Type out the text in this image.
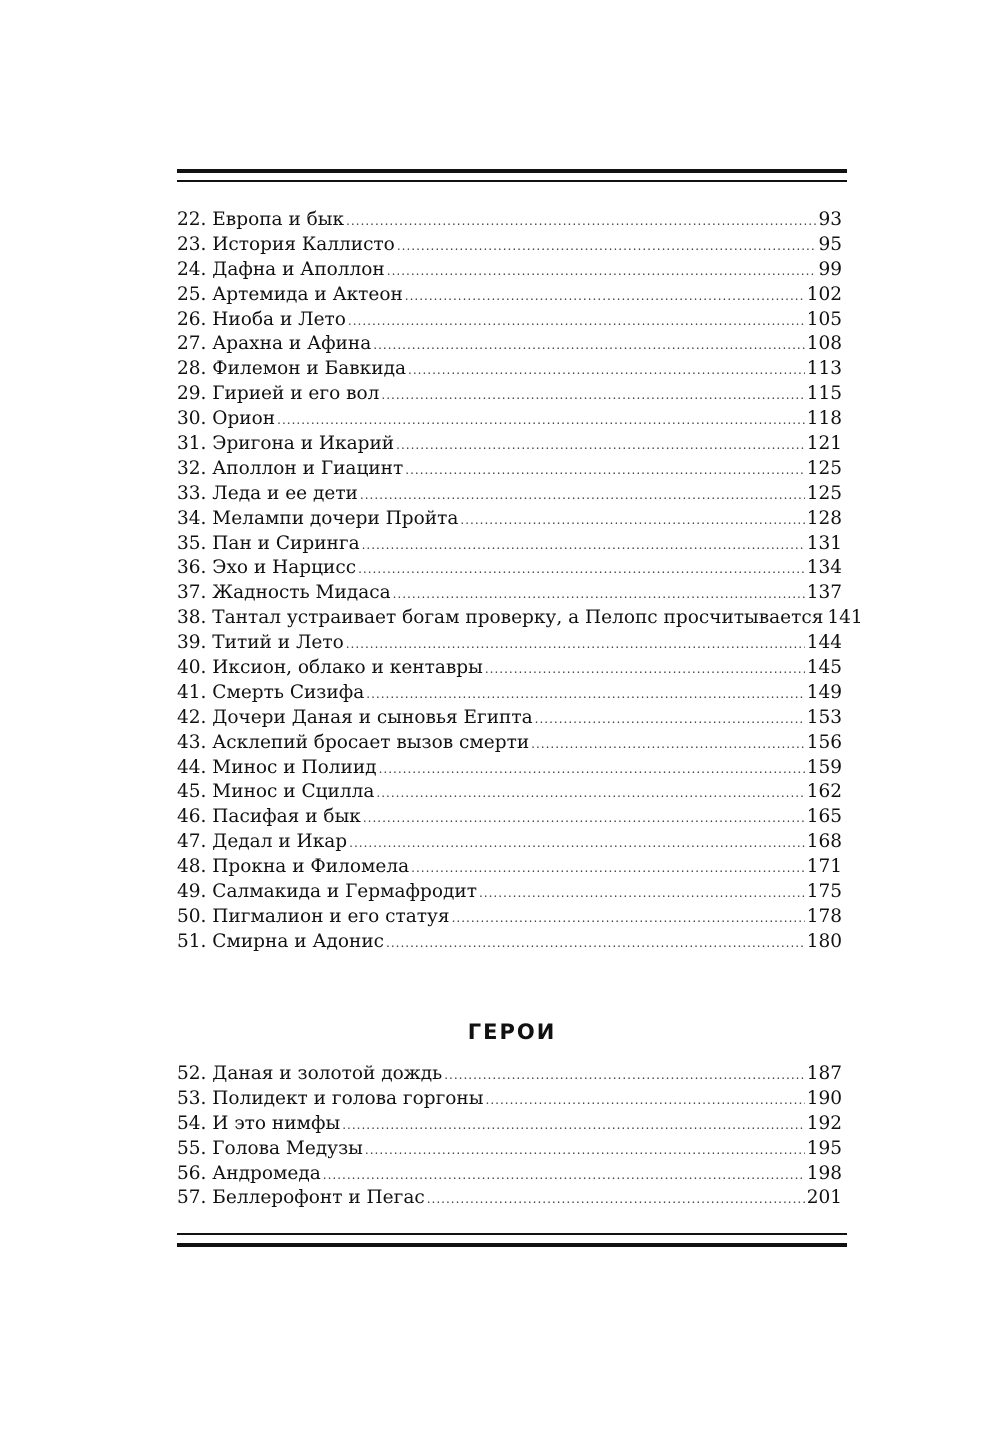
22. Европа и бык .....	93
23. История Каллисто .....	95
24. Дафна и Аполлон .....	99
25. Артемида и Актеон .....	102
26. Ниоба и Лето .....	105
27. Арахна и Афина .....	108
28. Филемон и Бавкида .....	113
29. Гирией и его вол .....	115
30. Орион .....	118
31. Эригона и Икарий .....	121
32. Аполлон и Гиацинт .....	125
33. Леда и ее дети .....	125
34. Мелампи дочери Пройта .....	128
35. Пан и Сиринга .....	131
36. Эхо и Нарцисс .....	134
37. Жадность Мидаса .....	137
38. Тантал устраивает богам проверку, а Пелопс просчитывается 141
39. Титий и Лето .....	144
40. Иксион, облако и кентавры .....	145
41. Смерть Сизифа .....	149
42. Дочери Даная и сыновья Египта .....	153
43. Асклепий бросает вызов смерти .....	156
44. Минос и Полиид .....	159
45. Минос и Сцилла .....	162
46. Пасифая и бык .....	165
47. Дедал и Икар .....	168
48. Прокна и Филомела .....	171
49. Салмакида и Гермафродит .....	175
50. Пигмалион и его статуя .....	178
51. Смирна и Адонис .....	180
ГЕРОИ
52. Даная и золотой дождь .....	187
53. Полидект и голова горгоны .....	190
54. И это нимфы .....	192
55. Голова Медузы .....	195
56. Андромеда .....	198
57. Беллерофонт и Пегас .....	201
